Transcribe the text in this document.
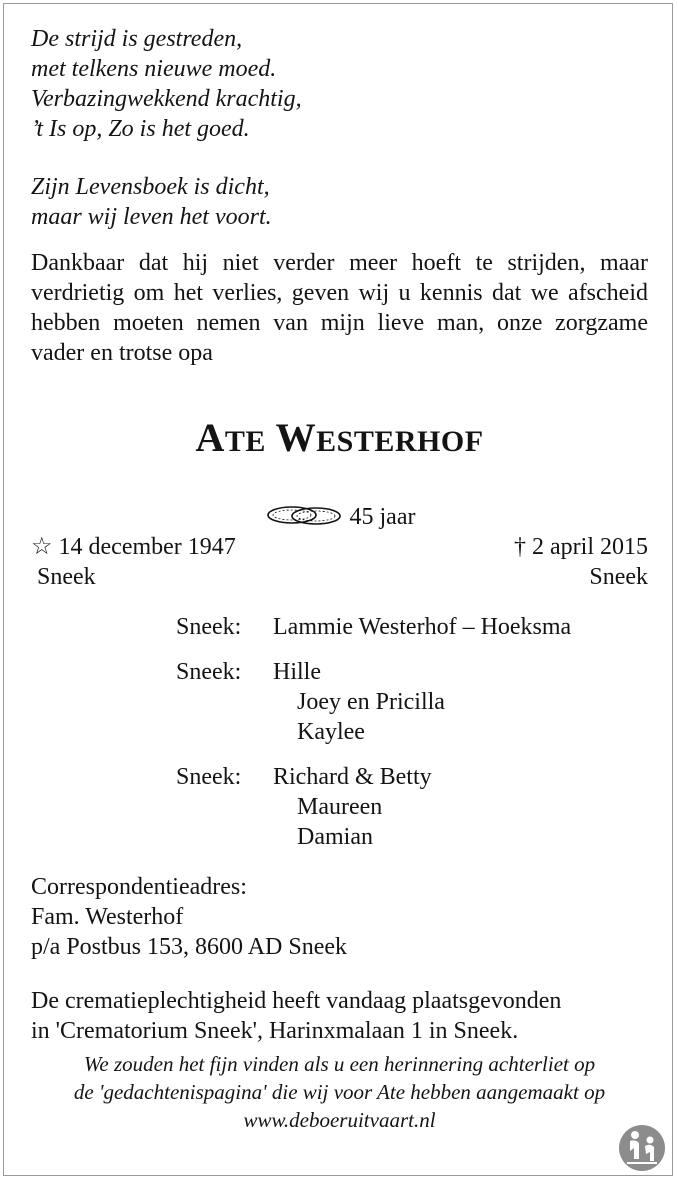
De strijd is gestreden,
met telkens nieuwe moed.
Verbazingwekkend krachtig,
’t Is op, Zo is het goed.
Zijn Levensboek is dicht,
maar wij leven het voort.
Dankbaar dat hij niet verder meer hoeft te strijden, maar verdrietig om het verlies, geven wij u kennis dat we afscheid hebben moeten nemen van mijn lieve man, onze zorgzame vader en trotse opa
ATE WESTERHOF
45 jaar
☆ 14 december 1947
Sneek
† 2 april 2015
Sneek
Sneek:	Lammie Westerhof – Hoeksma
Sneek:	Hille
Joey en Pricilla
Kaylee
Sneek:	Richard & Betty
Maureen
Damian
Correspondentieadres:
Fam. Westerhof
p/a Postbus 153, 8600 AD Sneek
De crematieplechtigheid heeft vandaag plaatsgevonden
in 'Crematorium Sneek', Harinxmalaan 1 in Sneek.
We zouden het fijn vinden als u een herinnering achterliet op
de 'gedachtenispagina' die wij voor Ate hebben aangemaakt op
www.deboeruitvaart.nl
